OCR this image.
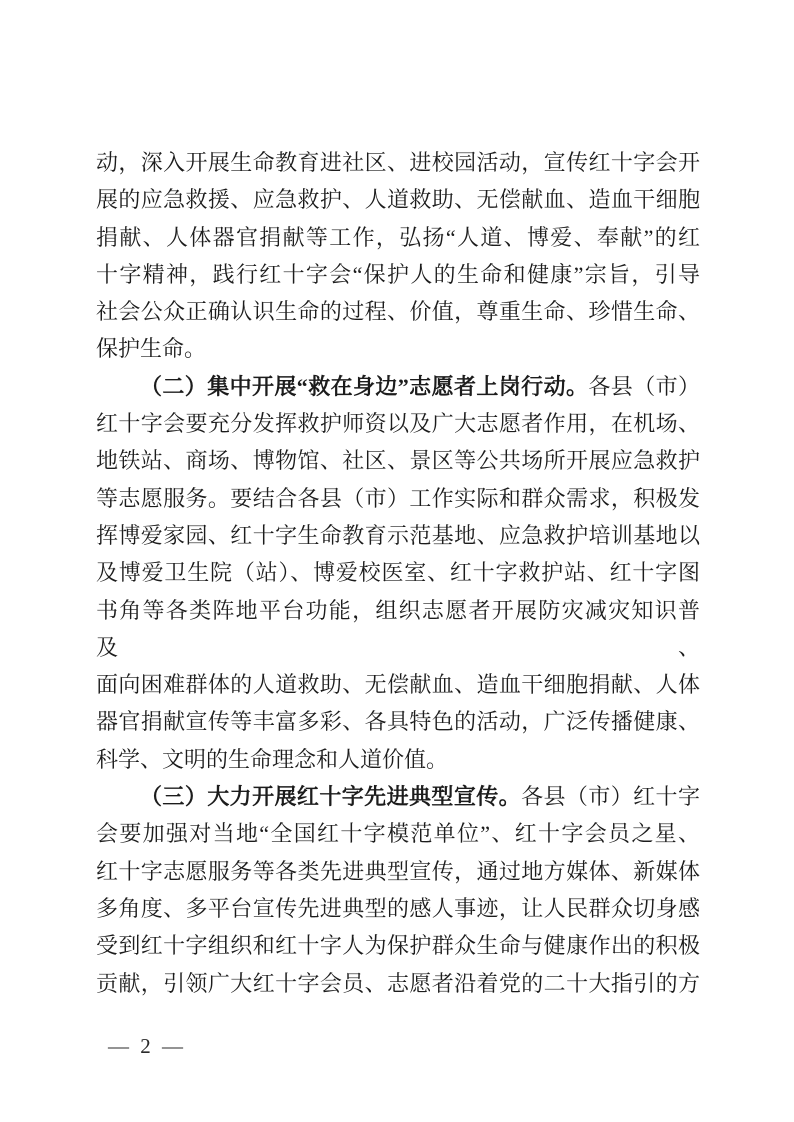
动，深入开展生命教育进社区、进校园活动，宣传红十字会开
展的应急救援、应急救护、人道救助、无偿献血、造血干细胞
捐献、人体器官捐献等工作，弘扬“人道、博爱、奉献”的红
十字精神，践行红十字会“保护人的生命和健康”宗旨，引导
社会公众正确认识生命的过程、价值，尊重生命、珍惜生命、
保护生命。
（二）集中开展“救在身边”志愿者上岗行动。各县（市）
红十字会要充分发挥救护师资以及广大志愿者作用，在机场、
地铁站、商场、博物馆、社区、景区等公共场所开展应急救护
等志愿服务。要结合各县（市）工作实际和群众需求，积极发
挥博爱家园、红十字生命教育示范基地、应急救护培训基地以
及博爱卫生院（站）、博爱校医室、红十字救护站、红十字图
书角等各类阵地平台功能，组织志愿者开展防灾减灾知识普及、
面向困难群体的人道救助、无偿献血、造血干细胞捐献、人体
器官捐献宣传等丰富多彩、各具特色的活动，广泛传播健康、
科学、文明的生命理念和人道价值。
（三）大力开展红十字先进典型宣传。各县（市）红十字
会要加强对当地“全国红十字模范单位”、红十字会员之星、
红十字志愿服务等各类先进典型宣传，通过地方媒体、新媒体
多角度、多平台宣传先进典型的感人事迹，让人民群众切身感
受到红十字组织和红十字人为保护群众生命与健康作出的积极
贡献，引领广大红十字会员、志愿者沿着党的二十大指引的方
— 2 —
